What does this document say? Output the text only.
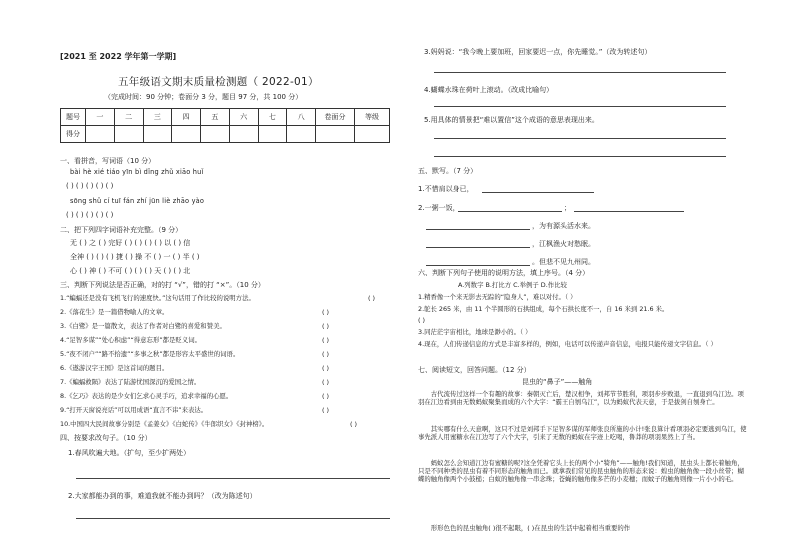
[2021 至 2022 学年第一学期]
五年级语文期末质量检测题（ 2022-01）
（完成时间：90 分钟；卷面分 3 分，题目 97 分，共 100 分）
题号	一	二	三	四	五	六	七	八	卷面分	等级
得分										
一、看拼音，写词语（10 分）
bài hè xié tiáo yīn bì dǐng zhǔ xiāo huǐ
( ) ( ) ( ) ( ) ( )
sōng shǔ cí tuī fán zhí jūn liè zhāo yào
( ) ( ) ( ) ( ) ( )
二、把下列四字词语补充完整。（9 分）
无 ( ) 之 ( ) 完好 ( ) ( ) ( ) ( ) 以 ( ) 信
全神 ( ) ( ) ( ) 捷 ( ) 操 不 ( ) 一 ( ) 半 ( )
心 ( ) 神 ( ) 不可 ( ) ( ) ( ) 天 ( ) ( ) 北
三、判断下列说法是否正确，对的打 “√”，错的打 “×”。（10 分）
1.“蝙蝠还是没有飞机飞行的速度快。”这句话用了作比较的说明方法。	( )
2.《落花生》是一篇借物喻人的文章。	( )
3.《白鹭》是一篇散文，表达了作者对白鹭的喜爱和赞美。	( )
4.“足智多谋”“处心积虑”“得意忘形”都是贬义词。	( )
5.“夜不闭户”“路不拾遗”“多事之秋”都是形容太平盛世的词语。	( )
6.《遨游汉字王国》是这首词的题目。	( )
7.《蝙蝠救陨》表达了陆游忧国深沉的爱国之情。	( )
8.《乞巧》表达的是少女们乞求心灵手巧，追求幸福的心愿。	( )
9.“打开天窗说亮话”可以用成语“直言不讳”来表达。	( )
10.中国四大民间故事分别是《孟姜女》《白蛇传》《牛郎织女》《封神榜》。	( )
四、按要求改句子。（10 分）
1.春风吹遍大地。（扩句，至少扩两处）
2.大家都能办到的事，难道我就不能办到吗？（改为陈述句）
3.妈妈说：“我今晚上要加班，回家要迟一点，你先睡觉。”（改为转述句）
4.蝴蝶水珠在荷叶上滚动。（改成比喻句）
5.用具体的情景把“难以置信”这个成语的意思表现出来。
五、默写。（7 分）
1.不惜肩以身已，
2.一粥一饭，	；
，为有源头活水来。
，江枫渔火对愁眠。
。但悲不见九州同。
六、判断下列句子使用的说明方法，填上序号。（4 分）
A.列数字 B.打比方 C.举例子 D.作比较
1.精香像一个来无影去无踪的“隐身人”，难以对付。（ ）
2.鸵长 265 米，由 11 个半圆形的石拱组成，每个石拱长度不一，自 16 米到 21.6 米。
( )
3.同茫茫宇宙相比，地球是渺小的。（ ）
4.现在，人们传递信息的方式是丰富多样的，例如，电话可以传递声音信息，电报只能传递文字信息。（ ）
七、阅读短文，回答问题。（12 分）
昆虫的“鼻子”——触角
古代流传过这样一个有趣的故事：秦朝灭亡后，楚汉相争，刘邦节节胜利，项羽步步败退，一直退到乌江边。项羽在江边看到由无数蚂蚁聚集而成的六个大字：“霸王自刎乌江”，以为蚂蚁代表天意，于是拔剑自刎身亡。
其实哪有什么天意啊，这只不过是刘邦手下足智多谋的军师张良所施的小计!张良算计看项羽必定要逃到乌江，使事先派人用蜜糖水在江边写了六个大字，引来了无数的蚂蚁在字迹上吃喝，鲁莽的项羽果然上了当。
蚂蚁怎么会知道江边有蜜糖的呢?这全凭着它头上长的两个小“犄角”——触角!我们知道，昆虫头上都长着触角，只是不同种类的昆虫有着不同形态的触角而已。就拿我们常见的昆虫触角的形态来说：蝗虫的触角像一段小丝带；蝴蝶的触角像两个小鼓槌；白蚁的触角像一串念珠；苍蝇的触角像多芒的小麦穗；而蚊子的触角则像一片小小的毛。
形形色色的昆虫触角( )很不起眼，( )在昆虫的生活中起着相当重要的作
